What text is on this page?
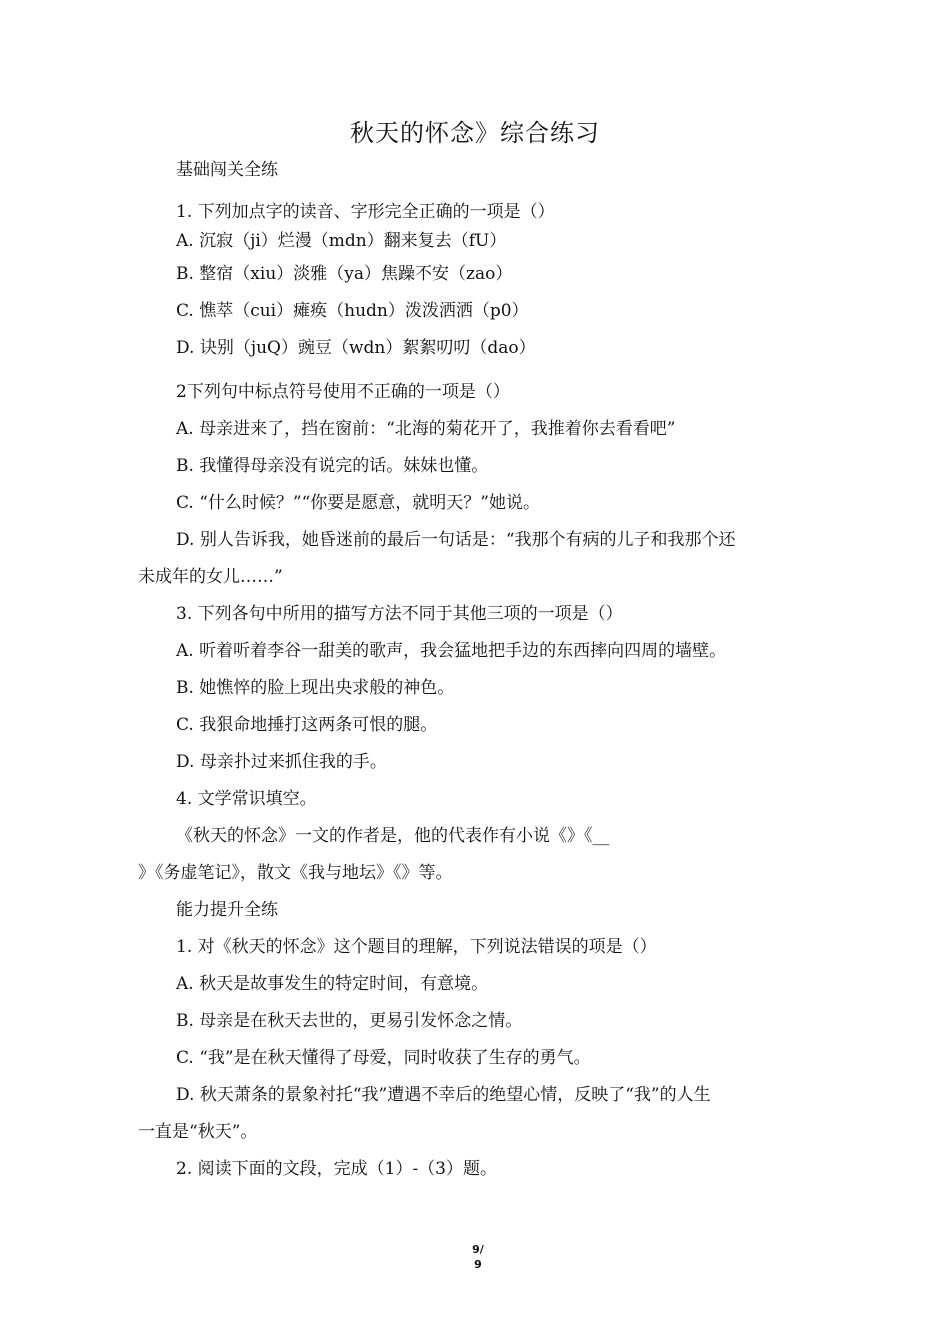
秋天的怀念》综合练习
基础闯关全练
1. 下列加点字的读音、字形完全正确的一项是（）
A. 沉寂（ji）烂漫（mdn）翻来复去（fU）
B. 整宿（xiu）淡雅（ya）焦躁不安（zao）
C. 憔萃（cui）瘫痪（hudn）泼泼洒洒（p0）
D. 诀别（juQ）豌豆（wdn）絮絮叨叨（dao）
2下列句中标点符号使用不正确的一项是（）
A. 母亲进来了，挡在窗前：“北海的菊花开了，我推着你去看看吧”
B. 我懂得母亲没有说完的话。妹妹也懂。
C. “什么时候？”“你要是愿意，就明天？”她说。
D. 别人告诉我，她昏迷前的最后一句话是：“我那个有病的儿子和我那个还
未成年的女儿……”
3. 下列各句中所用的描写方法不同于其他三项的一项是（）
A. 听着听着李谷一甜美的歌声，我会猛地把手边的东西摔向四周的墙壁。
B. 她憔悴的脸上现出央求般的神色。
C. 我狠命地捶打这两条可恨的腿。
D. 母亲扑过来抓住我的手。
4. 文学常识填空。
《秋天的怀念》一文的作者是，他的代表作有小说《》《__
》《务虚笔记》，散文《我与地坛》《》等。
能力提升全练
1. 对《秋天的怀念》这个题目的理解，下列说法错误的项是（）
A. 秋天是故事发生的特定时间，有意境。
B. 母亲是在秋天去世的，更易引发怀念之情。
C. “我”是在秋天懂得了母爱，同时收获了生存的勇气。
D. 秋天萧条的景象衬托“我”遭遇不幸后的绝望心情，反映了“我”的人生
一直是“秋天”。
2. 阅读下面的文段，完成（1）-（3）题。
9/
9
